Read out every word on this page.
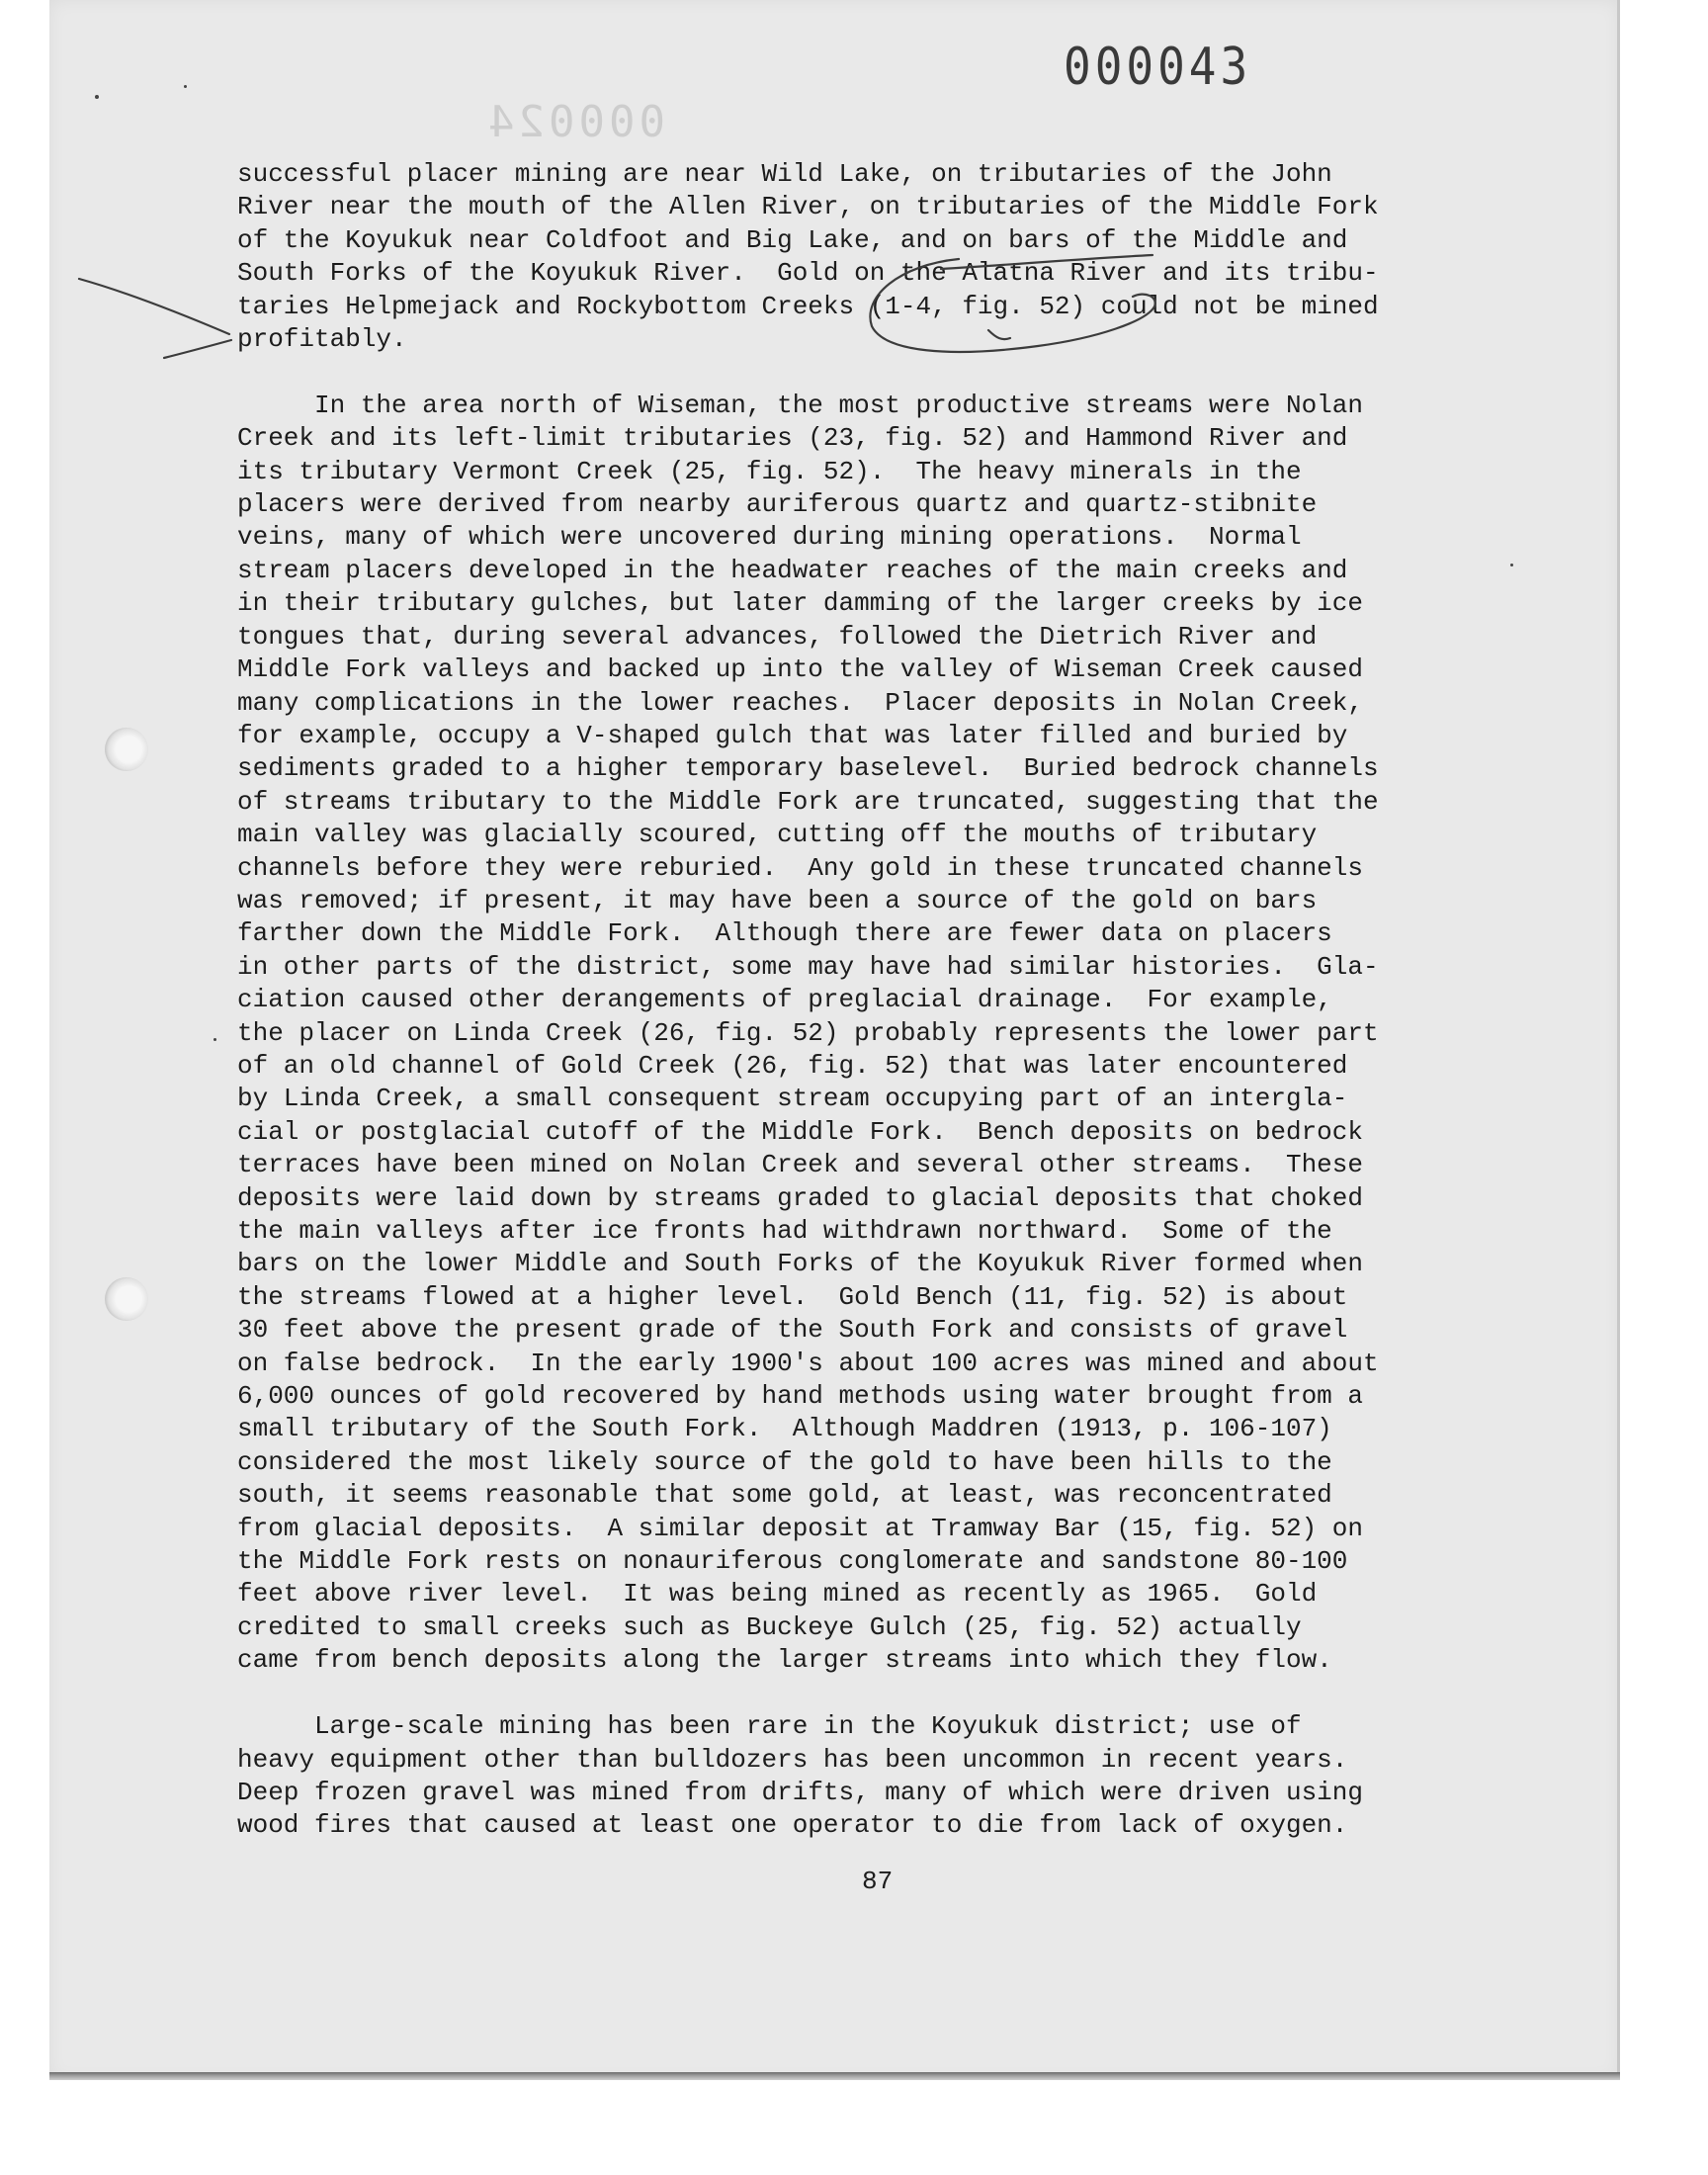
000024
000043
successful placer mining are near Wild Lake, on tributaries of the John
River near the mouth of the Allen River, on tributaries of the Middle Fork
of the Koyukuk near Coldfoot and Big Lake, and on bars of the Middle and
South Forks of the Koyukuk River.  Gold on the Alatna River and its tribu-
taries Helpmejack and Rockybottom Creeks (1-4, fig. 52) could not be mined
profitably.

In the area north of Wiseman, the most productive streams were Nolan
Creek and its left-limit tributaries (23, fig. 52) and Hammond River and
its tributary Vermont Creek (25, fig. 52).  The heavy minerals in the
placers were derived from nearby auriferous quartz and quartz-stibnite
veins, many of which were uncovered during mining operations.  Normal
stream placers developed in the headwater reaches of the main creeks and
in their tributary gulches, but later damming of the larger creeks by ice
tongues that, during several advances, followed the Dietrich River and
Middle Fork valleys and backed up into the valley of Wiseman Creek caused
many complications in the lower reaches.  Placer deposits in Nolan Creek,
for example, occupy a V-shaped gulch that was later filled and buried by
sediments graded to a higher temporary baselevel.  Buried bedrock channels
of streams tributary to the Middle Fork are truncated, suggesting that the
main valley was glacially scoured, cutting off the mouths of tributary
channels before they were reburied.  Any gold in these truncated channels
was removed; if present, it may have been a source of the gold on bars
farther down the Middle Fork.  Although there are fewer data on placers
in other parts of the district, some may have had similar histories.  Gla-
ciation caused other derangements of preglacial drainage.  For example,
the placer on Linda Creek (26, fig. 52) probably represents the lower part
of an old channel of Gold Creek (26, fig. 52) that was later encountered
by Linda Creek, a small consequent stream occupying part of an intergla-
cial or postglacial cutoff of the Middle Fork.  Bench deposits on bedrock
terraces have been mined on Nolan Creek and several other streams.  These
deposits were laid down by streams graded to glacial deposits that choked
the main valleys after ice fronts had withdrawn northward.  Some of the
bars on the lower Middle and South Forks of the Koyukuk River formed when
the streams flowed at a higher level.  Gold Bench (11, fig. 52) is about
30 feet above the present grade of the South Fork and consists of gravel
on false bedrock.  In the early 1900's about 100 acres was mined and about
6,000 ounces of gold recovered by hand methods using water brought from a
small tributary of the South Fork.  Although Maddren (1913, p. 106-107)
considered the most likely source of the gold to have been hills to the
south, it seems reasonable that some gold, at least, was reconcentrated
from glacial deposits.  A similar deposit at Tramway Bar (15, fig. 52) on
the Middle Fork rests on nonauriferous conglomerate and sandstone 80-100
feet above river level.  It was being mined as recently as 1965.  Gold
credited to small creeks such as Buckeye Gulch (25, fig. 52) actually
came from bench deposits along the larger streams into which they flow.

Large-scale mining has been rare in the Koyukuk district; use of
heavy equipment other than bulldozers has been uncommon in recent years.
Deep frozen gravel was mined from drifts, many of which were driven using
wood fires that caused at least one operator to die from lack of oxygen.

87
